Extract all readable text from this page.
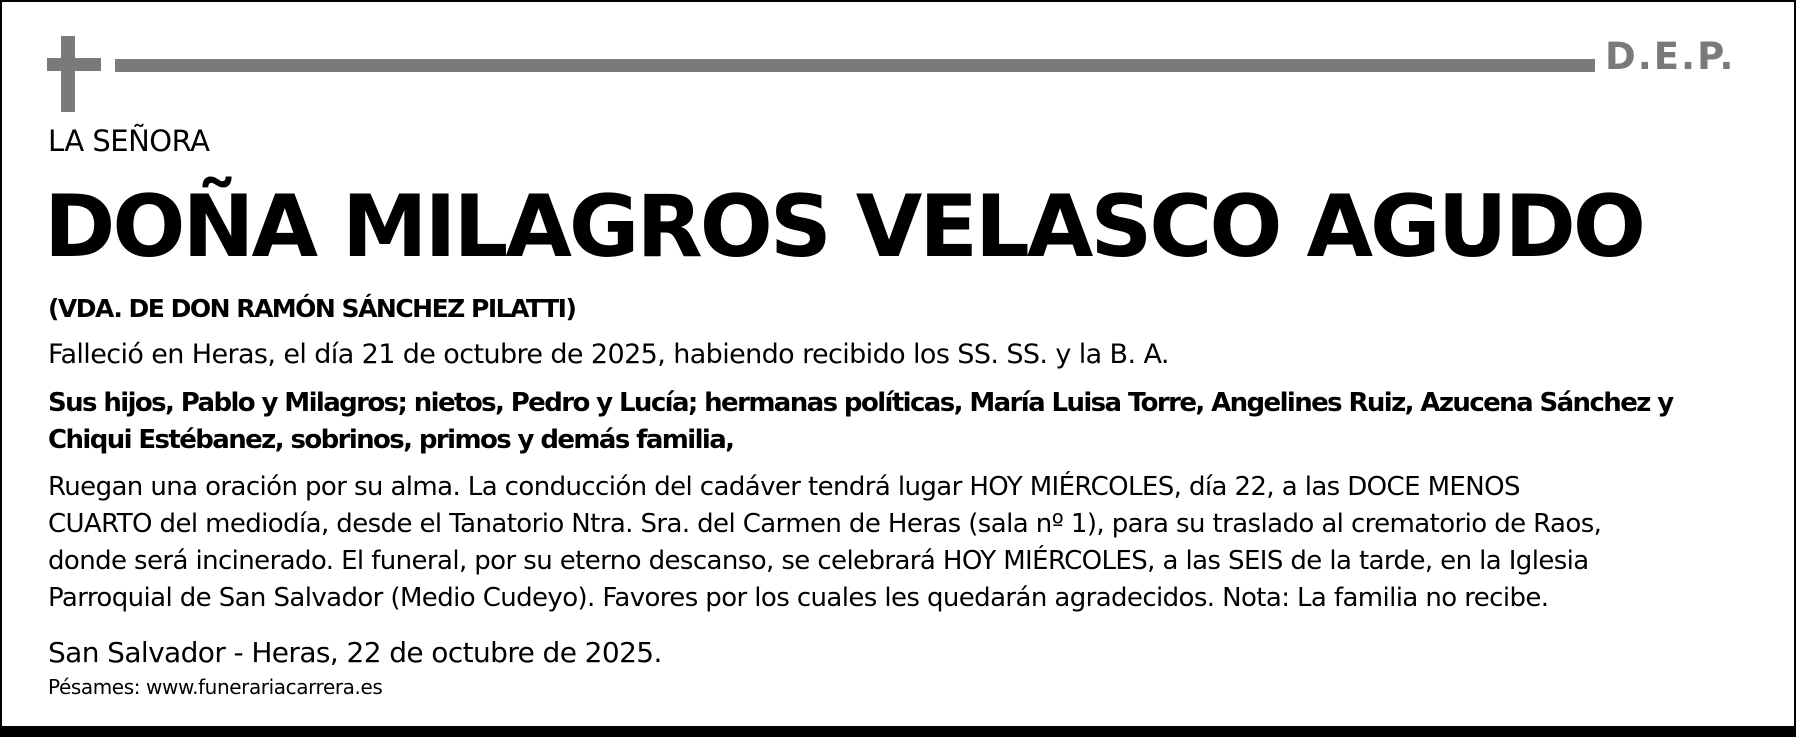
D.E.P.
LA SEÑORA
DOÑA MILAGROS VELASCO AGUDO
(VDA. DE DON RAMÓN SÁNCHEZ PILATTI)
Falleció en Heras, el día 21 de octubre de 2025, habiendo recibido los SS. SS. y la B. A.
Sus hijos, Pablo y Milagros; nietos, Pedro y Lucía; hermanas políticas, María Luisa Torre, Angelines Ruiz, Azucena Sánchez y
Chiqui Estébanez, sobrinos, primos y demás familia,
Ruegan una oración por su alma. La conducción del cadáver tendrá lugar HOY MIÉRCOLES, día 22, a las DOCE MENOS
CUARTO del mediodía, desde el Tanatorio Ntra. Sra. del Carmen de Heras (sala nº 1), para su traslado al crematorio de Raos,
donde será incinerado. El funeral, por su eterno descanso, se celebrará HOY MIÉRCOLES, a las SEIS de la tarde, en la Iglesia
Parroquial de San Salvador (Medio Cudeyo). Favores por los cuales les quedarán agradecidos. Nota: La familia no recibe.
San Salvador - Heras, 22 de octubre de 2025.
Pésames: www.funerariacarrera.es
